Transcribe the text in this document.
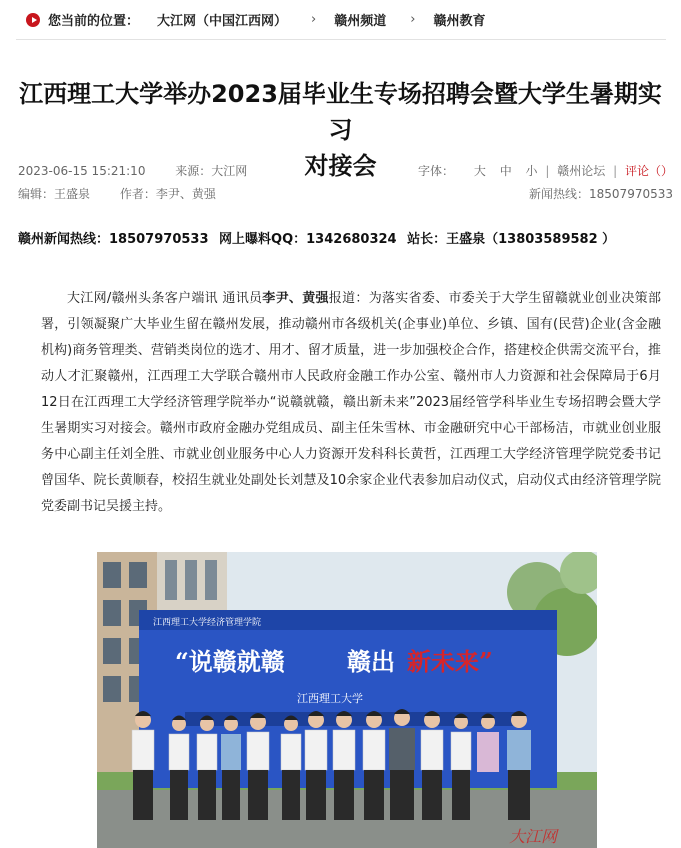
您当前的位置： 大江网（中国江西网） › 赣州频道 › 赣州教育
江西理工大学举办2023届毕业生专场招聘会暨大学生暑期实习
对接会
2023-06-15 15:21:10 来源：大江网	字体： 大 中 小 | 赣州论坛 | 评论（）
编辑：王盛泉 作者：李尹、黄强	新闻热线：18507970533
赣州新闻热线：18507970533 网上曝料QQ：1342680324 站长：王盛泉（13803589582 ）

大江网/赣州头条客户端讯 通讯员李尹、黄强报道：为落实省委、市委关于大学生留赣就业创业决策部署，引领凝聚广大毕业生留在赣州发展，推动赣州市各级机关(企事业)单位、乡镇、国有(民营)企业(含金融机构)商务管理类、营销类岗位的选才、用才、留才质量，进一步加强校企合作，搭建校企供需交流平台，推动人才汇聚赣州，江西理工大学联合赣州市人民政府金融工作办公室、赣州市人力资源和社会保障局于6月12日在江西理工大学经济管理学院举办“说赣就赣，赣出新未来”2023届经管学科毕业生专场招聘会暨大学生暑期实习对接会。赣州市政府金融办党组成员、副主任朱雪林、市金融研究中心干部杨洁，市就业创业服务中心副主任刘全胜、市就业创业服务中心人力资源开发科科长黄哲，江西理工大学经济管理学院党委书记曾国华、院长黄顺春，校招生就业处副处长刘慧及10余家企业代表参加启动仪式，启动仪式由经济管理学院党委副书记吴援主持。

江西理工大学经济管理学院
“说赣就赣	赣出 新未来”
江西理工大学
大江网
